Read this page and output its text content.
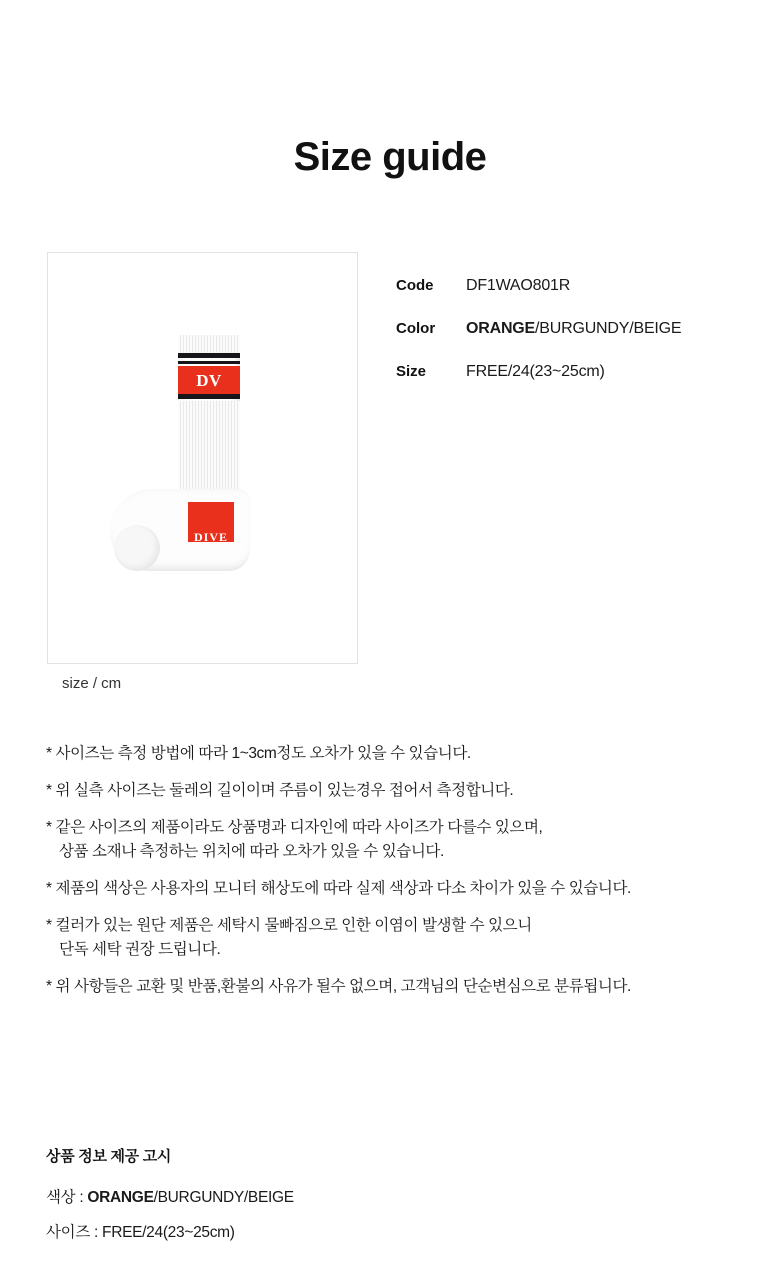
Size guide
DV
DIVE
size / cm
Code	DF1WAO801R
Color	ORANGE/BURGUNDY/BEIGE
Size	FREE/24(23~25cm)
* 사이즈는 측정 방법에 따라 1~3cm정도 오차가 있을 수 있습니다.
* 위 실측 사이즈는 둘레의 길이이며 주름이 있는경우 접어서 측정합니다.
* 같은 사이즈의 제품이라도 상품명과 디자인에 따라 사이즈가 다를수 있으며,
상품 소재나 측정하는 위치에 따라 오차가 있을 수 있습니다.
* 제품의 색상은 사용자의 모니터 해상도에 따라 실제 색상과 다소 차이가 있을 수 있습니다.
* 컬러가 있는 원단 제품은 세탁시 물빠짐으로 인한 이염이 발생할 수 있으니
단독 세탁 권장 드립니다.
* 위 사항들은 교환 및 반품,환불의 사유가 될수 없으며, 고객님의 단순변심으로 분류됩니다.
상품 정보 제공 고시
색상 : ORANGE/BURGUNDY/BEIGE
사이즈 : FREE/24(23~25cm)
